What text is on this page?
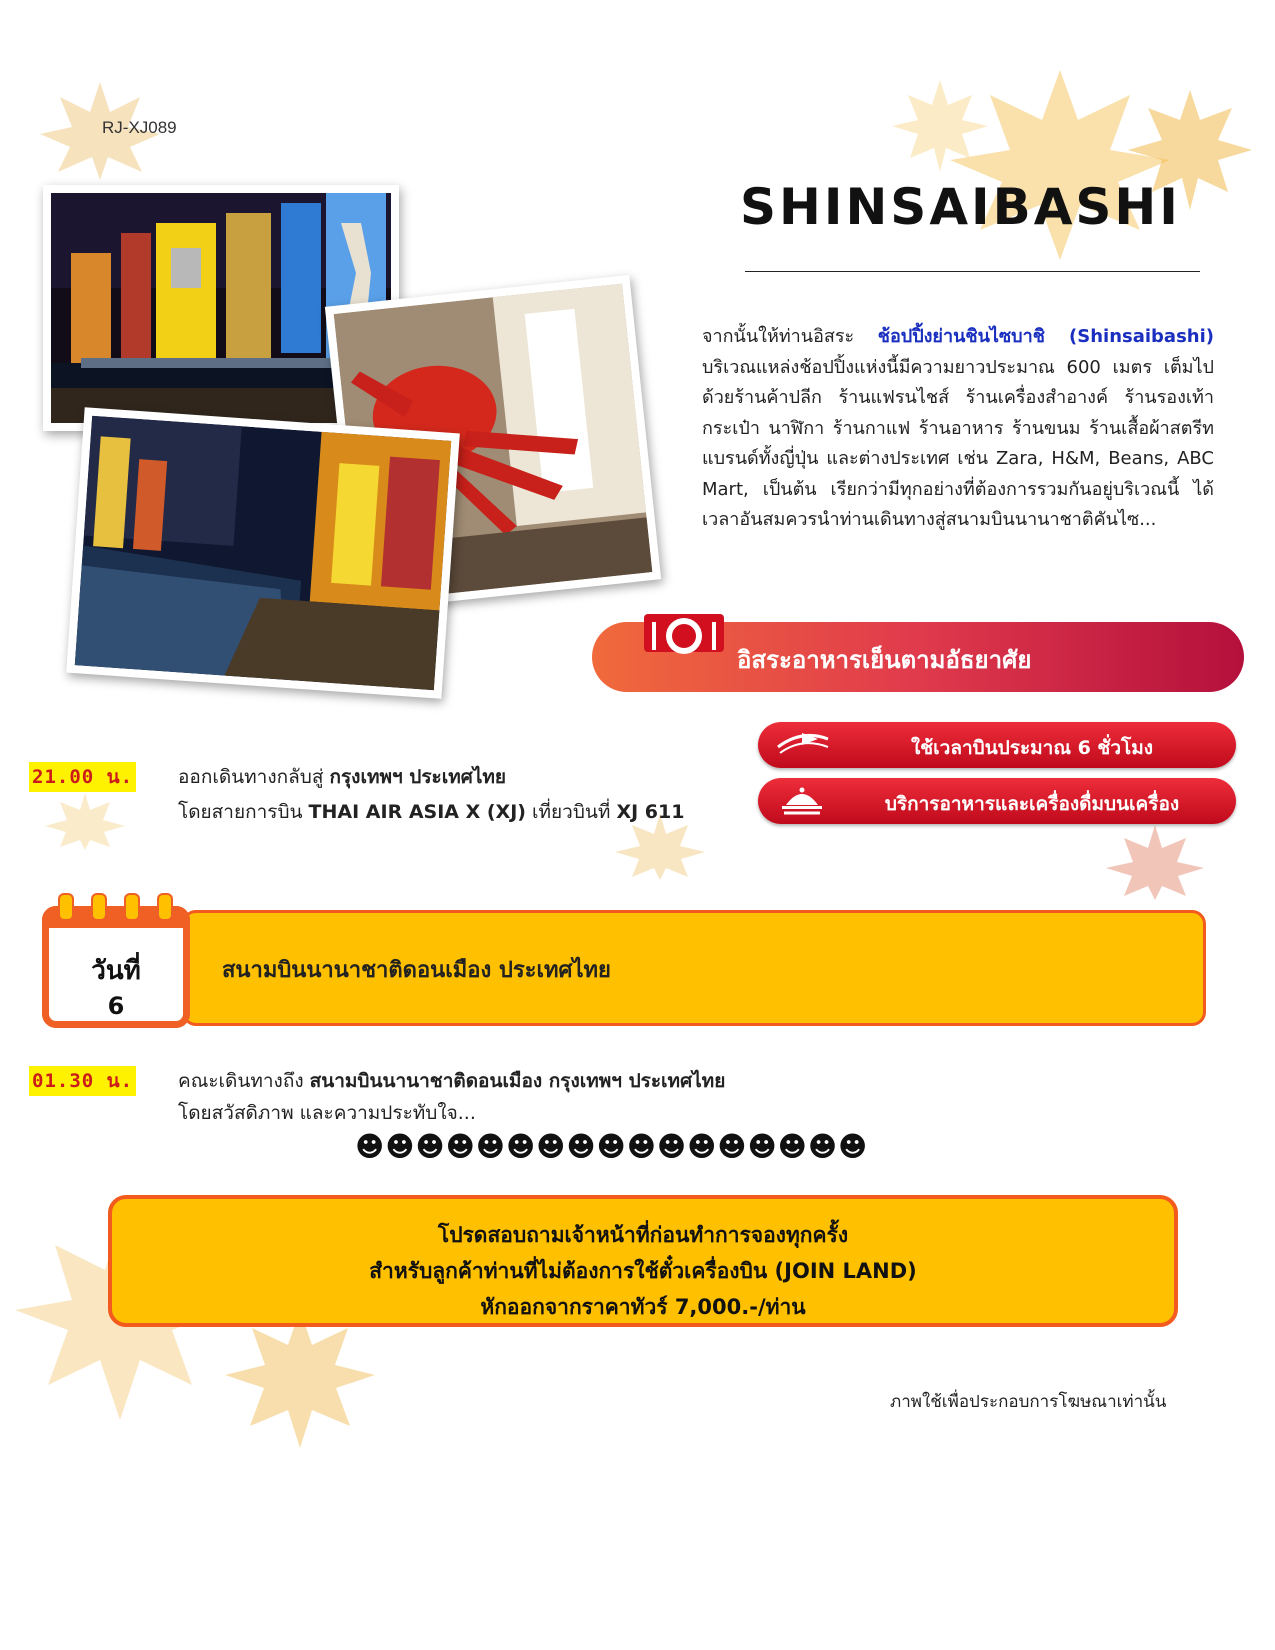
RJ-XJ089
SHINSAIBASHI
จากนั้นให้ท่านอิสระ ช้อปปิ้งย่านชินไซบาชิ (Shinsaibashi) บริเวณแหล่งช้อปปิ้งแห่งนี้มีความยาวประมาณ 600 เมตร เต็มไปด้วยร้านค้าปลีก ร้านแฟรนไชส์ ร้านเครื่องสำอางค์ ร้านรองเท้า กระเป๋า นาฬิกา ร้านกาแฟ ร้านอาหาร ร้านขนม ร้านเสื้อผ้าสตรีทแบรนด์ทั้งญี่ปุ่น และต่างประเทศ เช่น Zara, H&M, Beans, ABC Mart, เป็นต้น เรียกว่ามีทุกอย่างที่ต้องการรวมกันอยู่บริเวณนี้ ได้เวลาอันสมควรนำท่านเดินทางสู่สนามบินนานาชาติคันไซ...
อิสระอาหารเย็นตามอัธยาศัย
ใช้เวลาบินประมาณ 6 ชั่วโมง
บริการอาหารและเครื่องดื่มบนเครื่อง
21.00 น. ออกเดินทางกลับสู่ กรุงเทพฯ ประเทศไทย
โดยสายการบิน THAI AIR ASIA X (XJ) เที่ยวบินที่ XJ 611
สนามบินนานาชาติดอนเมือง ประเทศไทย
วันที่
6
01.30 น. คณะเดินทางถึง สนามบินนานาชาติดอนเมือง กรุงเทพฯ ประเทศไทย
โดยสวัสดิภาพ และความประทับใจ...
☻☻☻☻☻☻☻☻☻☻☻☻☻☻☻☻☻

โปรดสอบถามเจ้าหน้าที่ก่อนทำการจองทุกครั้ง

สำหรับลูกค้าท่านที่ไม่ต้องการใช้ตั๋วเครื่องบิน (JOIN LAND)

หักออกจากราคาทัวร์ 7,000.-/ท่าน

ภาพใช้เพื่อประกอบการโฆษณาเท่านั้น
